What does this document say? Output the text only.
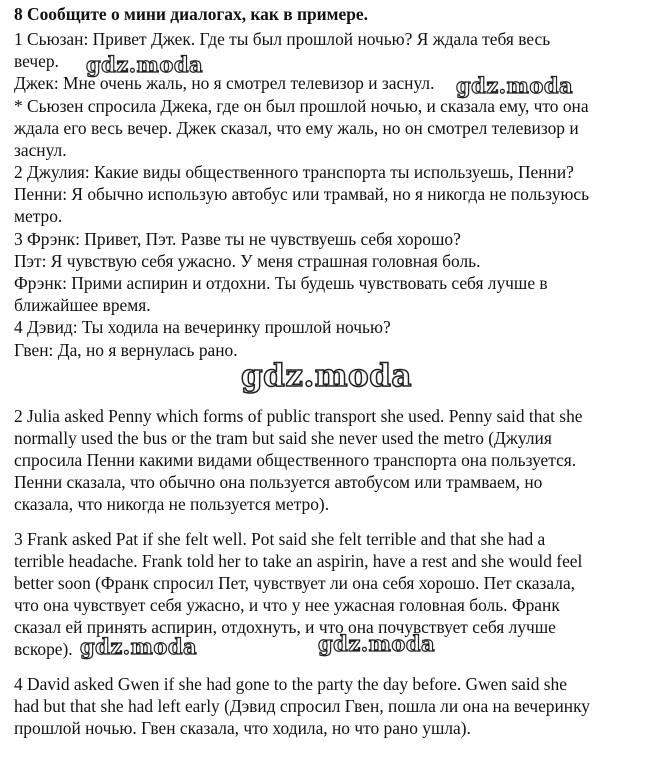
8 Сообщите о мини диалогах, как в примере.
1 Сьюзан: Привет Джек. Где ты был прошлой ночью? Я ждала тебя весь
вечер.
Джек: Мне очень жаль, но я смотрел телевизор и заснул.
* Сьюзен спросила Джека, где он был прошлой ночью, и сказала ему, что она
ждала его весь вечер. Джек сказал, что ему жаль, но он смотрел телевизор и
заснул.
2 Джулия: Какие виды общественного транспорта ты используешь, Пенни?
Пенни: Я обычно использую автобус или трамвай, но я никогда не пользуюсь
метро.
3 Фрэнк: Привет, Пэт. Разве ты не чувствуешь себя хорошо?
Пэт: Я чувствую себя ужасно. У меня страшная головная боль.
Фрэнк: Прими аспирин и отдохни. Ты будешь чувствовать себя лучше в
ближайшее время.
4 Дэвид: Ты ходила на вечеринку прошлой ночью?
Гвен: Да, но я вернулась рано.
2 Julia asked Penny which forms of public transport she used. Penny said that she
normally used the bus or the tram but said she never used the metro (Джулия
спросила Пенни какими видами общественного транспорта она пользуется.
Пенни сказала, что обычно она пользуется автобусом или трамваем, но
сказала, что никогда не пользуется метро).
3 Frank asked Pat if she felt well. Pot said she felt terrible and that she had a
terrible headache. Frank told her to take an aspirin, have a rest and she would feel
better soon (Франк спросил Пет, чувствует ли она себя хорошо. Пет сказала,
что она чувствует себя ужасно, и что у нее ужасная головная боль. Франк
сказал ей принять аспирин, отдохнуть, и что она почувствует себя лучше
вскоре).
4 David asked Gwen if she had gone to the party the day before. Gwen said she
had but that she had left early (Дэвид спросил Гвен, пошла ли она на вечеринку
прошлой ночью. Гвен сказала, что ходила, но что рано ушла).
gdz.moda
gdz.moda
gdz.moda
gdz.moda	gdz.moda
